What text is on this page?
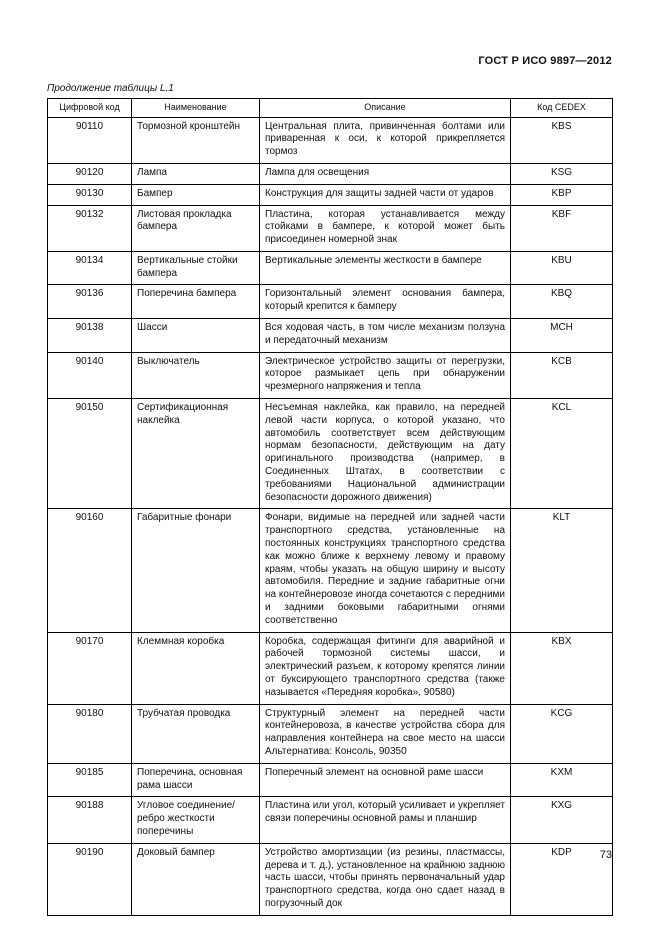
ГОСТ Р ИСО 9897—2012
Продолжение таблицы L.1
Цифровой код	Наименование	Описание	Код CEDEX
90110	Тормозной кронштейн	Центральная плита, привинченная болтами или приваренная к оси, к которой прикрепляется тормоз	KBS
90120	Лампа	Лампа для освещения	KSG
90130	Бампер	Конструкция для защиты задней части от ударов	KBP
90132	Листовая прокладка бампера	Пластина, которая устанавливается между стойками в бампере, к которой может быть присоединен номерной знак	KBF
90134	Вертикальные стойки бампера	Вертикальные элементы жесткости в бампере	KBU
90136	Поперечина бампера	Горизонтальный элемент основания бампера, который крепится к бамперу	KBQ
90138	Шасси	Вся ходовая часть, в том числе механизм ползуна и передаточный механизм	MCH
90140	Выключатель	Электрическое устройство защиты от перегрузки, которое размыкает цепь при обнаружении чрезмерного напряжения и тепла	KCB
90150	Сертификационная наклейка	Несъемная наклейка, как правило, на передней левой части корпуса, о которой указано, что автомобиль соответствует всем действующим нормам безопасности, действующим на дату оригинального производства (например, в Соединенных Штатах, в соответствии с требованиями Национальной администрации безопасности дорожного движения)	KCL
90160	Габаритные фонари	Фонари, видимые на передней или задней части транспортного средства, установленные на постоянных конструкциях транспортного средства как можно ближе к верхнему левому и правому краям, чтобы указать на общую ширину и высоту автомобиля. Передние и задние габаритные огни на контейнеровозе иногда сочетаются с передними и задними боковыми габаритными огнями соответственно	KLT
90170	Клеммная коробка	Коробка, содержащая фитинги для аварийной и рабочей тормозной системы шасси, и электрический разъем, к которому крепятся линии от буксирующего транспортного средства (также называется «Передняя коробка», 90580)	KBX
90180	Трубчатая проводка	Структурный элемент на передней части контейнеровоза, в качестве устройства сбора для направления контейнера на свое место на шасси Альтернатива: Консоль, 90350	KCG
90185	Поперечина, основная рама шасси	Поперечный элемент на основной раме шасси	KXM
90188	Угловое соединение/ребро жесткости поперечины	Пластина или угол, который усиливает и укрепляет связи поперечины основной рамы и планшир	KXG
90190	Доковый бампер	Устройство амортизации (из резины, пластмассы, дерева и т. д.), установленное на крайнюю заднюю часть шасси, чтобы принять первоначальный удар транспортного средства, когда оно сдает назад в погрузочный док	KDP	73
